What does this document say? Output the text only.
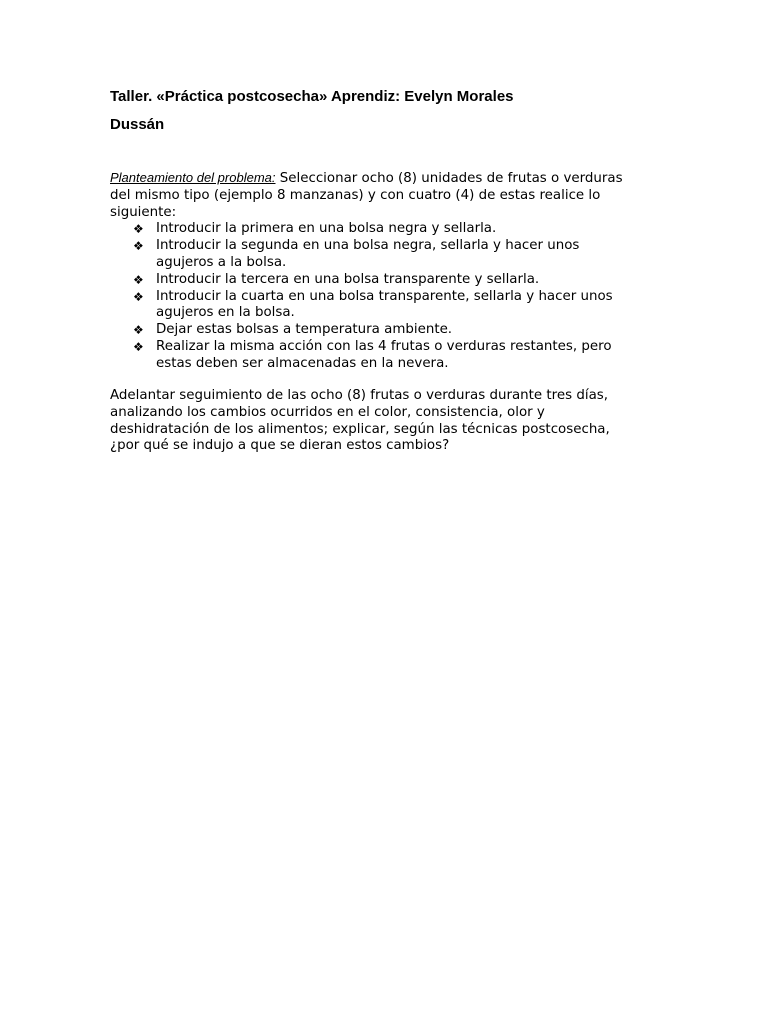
Taller. «Práctica postcosecha» Aprendiz: Evelyn Morales
Dussán
Planteamiento del problema: Seleccionar ocho (8) unidades de frutas o verduras
del mismo tipo (ejemplo 8 manzanas) y con cuatro (4) de estas realice lo
siguiente:
❖ Introducir la primera en una bolsa negra y sellarla.
❖ Introducir la segunda en una bolsa negra, sellarla y hacer unos
agujeros a la bolsa.
❖ Introducir la tercera en una bolsa transparente y sellarla.
❖ Introducir la cuarta en una bolsa transparente, sellarla y hacer unos
agujeros en la bolsa.
❖ Dejar estas bolsas a temperatura ambiente.
❖ Realizar la misma acción con las 4 frutas o verduras restantes, pero
estas deben ser almacenadas en la nevera.
Adelantar seguimiento de las ocho (8) frutas o verduras durante tres días,
analizando los cambios ocurridos en el color, consistencia, olor y
deshidratación de los alimentos; explicar, según las técnicas postcosecha,
¿por qué se indujo a que se dieran estos cambios?
